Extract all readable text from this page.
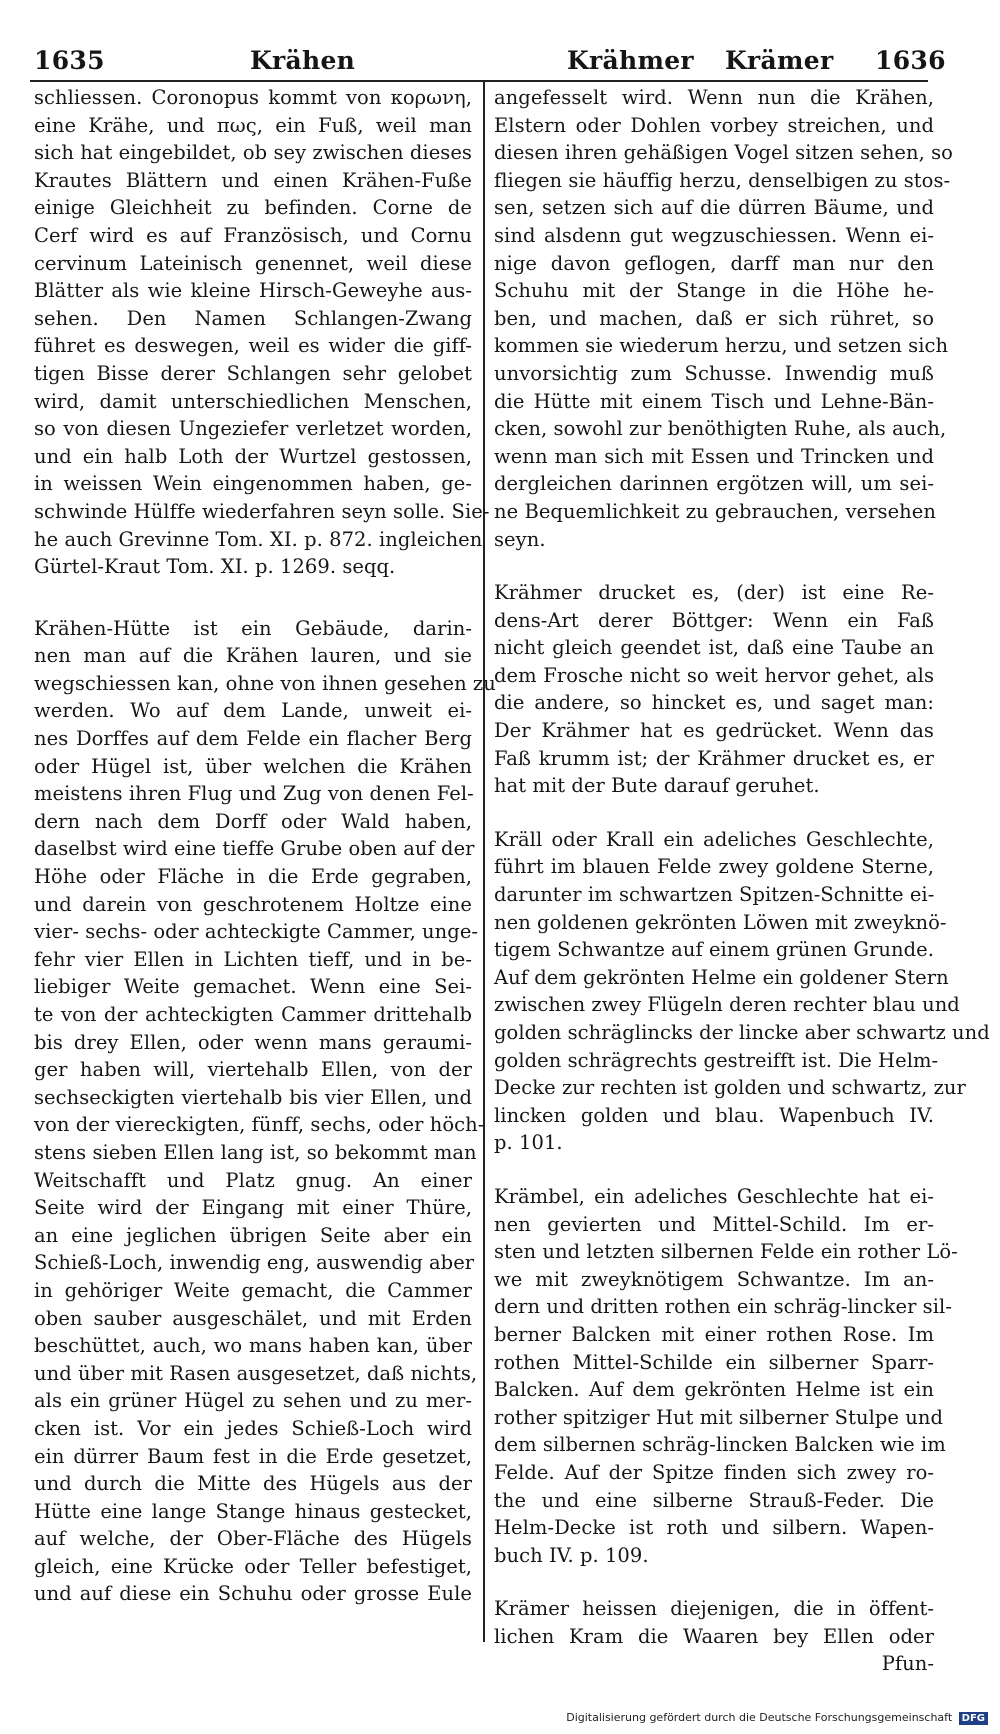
1635	Krähen	Krähmer Krämer 1636
schliessen. Coronopus kommt von κορωνη,
eine Krähe, und πως, ein Fuß, weil man
sich hat eingebildet, ob sey zwischen dieses
Krautes Blättern und einen Krähen-Fuße
einige Gleichheit zu befinden. Corne de
Cerf wird es auf Französisch, und Cornu
cervinum Lateinisch genennet, weil diese
Blätter als wie kleine Hirsch-Geweyhe aus-
sehen. Den Namen Schlangen-Zwang
führet es deswegen, weil es wider die giff-
tigen Bisse derer Schlangen sehr gelobet
wird, damit unterschiedlichen Menschen,
so von diesen Ungeziefer verletzet worden,
und ein halb Loth der Wurtzel gestossen,
in weissen Wein eingenommen haben, ge-
schwinde Hülffe wiederfahren seyn solle. Sie-
he auch Grevinne Tom. XI. p. 872. ingleichen
Gürtel-Kraut Tom. XI. p. 1269. seqq.
Krähen-Hütte ist ein Gebäude, darin-
nen man auf die Krähen lauren, und sie
wegschiessen kan, ohne von ihnen gesehen zu
werden. Wo auf dem Lande, unweit ei-
nes Dorffes auf dem Felde ein flacher Berg
oder Hügel ist, über welchen die Krähen
meistens ihren Flug und Zug von denen Fel-
dern nach dem Dorff oder Wald haben,
daselbst wird eine tieffe Grube oben auf der
Höhe oder Fläche in die Erde gegraben,
und darein von geschrotenem Holtze eine
vier- sechs- oder achteckigte Cammer, unge-
fehr vier Ellen in Lichten tieff, und in be-
liebiger Weite gemachet. Wenn eine Sei-
te von der achteckigten Cammer drittehalb
bis drey Ellen, oder wenn mans geraumi-
ger haben will, viertehalb Ellen, von der
sechseckigten viertehalb bis vier Ellen, und
von der viereckigten, fünff, sechs, oder höch-
stens sieben Ellen lang ist, so bekommt man
Weitschafft und Platz gnug. An einer
Seite wird der Eingang mit einer Thüre,
an eine jeglichen übrigen Seite aber ein
Schieß-Loch, inwendig eng, auswendig aber
in gehöriger Weite gemacht, die Cammer
oben sauber ausgeschälet, und mit Erden
beschüttet, auch, wo mans haben kan, über
und über mit Rasen ausgesetzet, daß nichts,
als ein grüner Hügel zu sehen und zu mer-
cken ist. Vor ein jedes Schieß-Loch wird
ein dürrer Baum fest in die Erde gesetzet,
und durch die Mitte des Hügels aus der
Hütte eine lange Stange hinaus gestecket,
auf welche, der Ober-Fläche des Hügels
gleich, eine Krücke oder Teller befestiget,
und auf diese ein Schuhu oder grosse Eule
angefesselt wird. Wenn nun die Krähen,
Elstern oder Dohlen vorbey streichen, und
diesen ihren gehäßigen Vogel sitzen sehen, so
fliegen sie häuffig herzu, denselbigen zu stos-
sen, setzen sich auf die dürren Bäume, und
sind alsdenn gut wegzuschiessen. Wenn ei-
nige davon geflogen, darff man nur den
Schuhu mit der Stange in die Höhe he-
ben, und machen, daß er sich rühret, so
kommen sie wiederum herzu, und setzen sich
unvorsichtig zum Schusse. Inwendig muß
die Hütte mit einem Tisch und Lehne-Bän-
cken, sowohl zur benöthigten Ruhe, als auch,
wenn man sich mit Essen und Trincken und
dergleichen darinnen ergötzen will, um sei-
ne Bequemlichkeit zu gebrauchen, versehen
seyn.
Krähmer drucket es, (der) ist eine Re-
dens-Art derer Böttger: Wenn ein Faß
nicht gleich geendet ist, daß eine Taube an
dem Frosche nicht so weit hervor gehet, als
die andere, so hincket es, und saget man:
Der Krähmer hat es gedrücket. Wenn das
Faß krumm ist; der Krähmer drucket es, er
hat mit der Bute darauf geruhet.
Kräll oder Krall ein adeliches Geschlechte,
führt im blauen Felde zwey goldene Sterne,
darunter im schwartzen Spitzen-Schnitte ei-
nen goldenen gekrönten Löwen mit zweyknö-
tigem Schwantze auf einem grünen Grunde.
Auf dem gekrönten Helme ein goldener Stern
zwischen zwey Flügeln deren rechter blau und
golden schräglincks der lincke aber schwartz und
golden schrägrechts gestreifft ist. Die Helm-
Decke zur rechten ist golden und schwartz, zur
lincken golden und blau. Wapenbuch IV.
p. 101.
Krämbel, ein adeliches Geschlechte hat ei-
nen gevierten und Mittel-Schild. Im er-
sten und letzten silbernen Felde ein rother Lö-
we mit zweyknötigem Schwantze. Im an-
dern und dritten rothen ein schräg-lincker sil-
berner Balcken mit einer rothen Rose. Im
rothen Mittel-Schilde ein silberner Sparr-
Balcken. Auf dem gekrönten Helme ist ein
rother spitziger Hut mit silberner Stulpe und
dem silbernen schräg-lincken Balcken wie im
Felde. Auf der Spitze finden sich zwey ro-
the und eine silberne Strauß-Feder. Die
Helm-Decke ist roth und silbern. Wapen-
buch IV. p. 109.
Krämer heissen diejenigen, die in öffent-
lichen Kram die Waaren bey Ellen oder
Pfun-
Digitalisierung gefördert durch die Deutsche Forschungsgemeinschaft DFG
